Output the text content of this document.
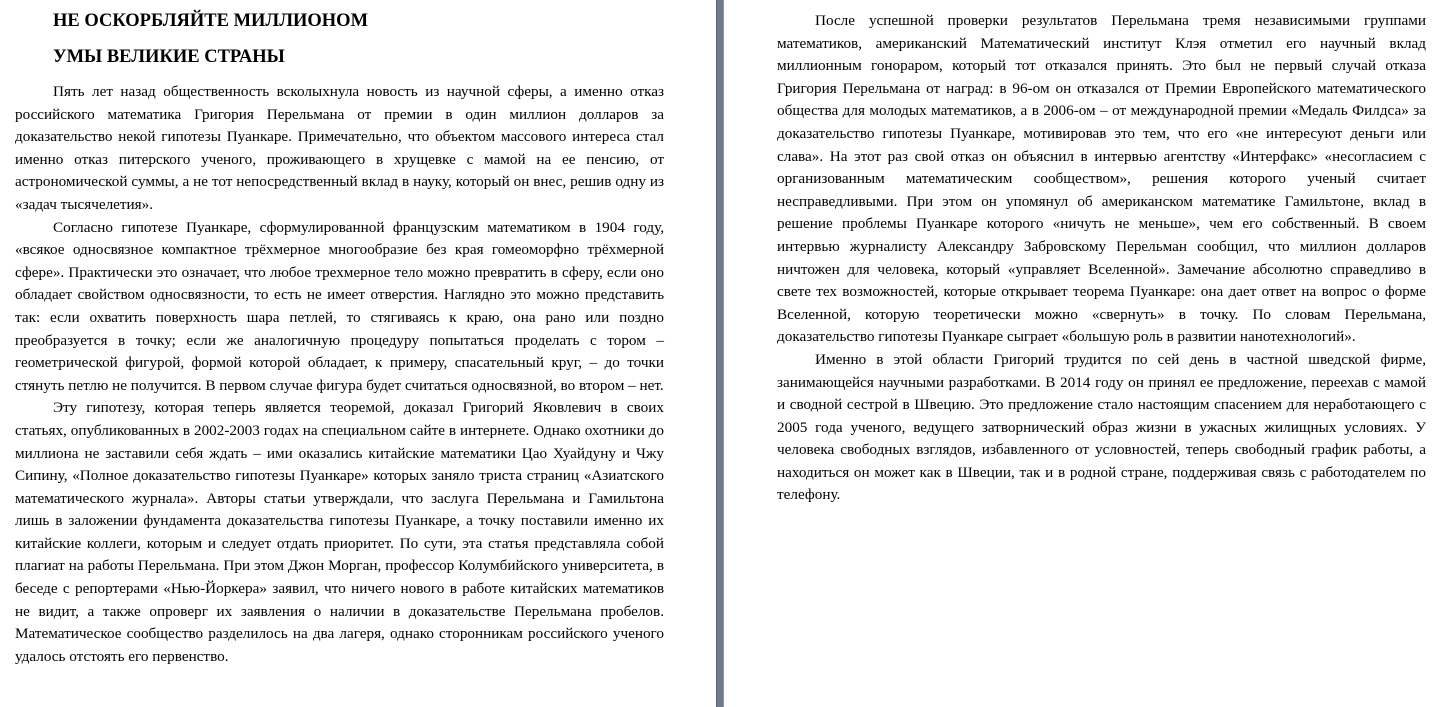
НЕ ОСКОРБЛЯЙТЕ МИЛЛИОНОМ
УМЫ ВЕЛИКИЕ СТРАНЫ

Пять лет назад общественность всколыхнула новость из научной сферы, а именно отказ российского математика Григория Перельмана от премии в один миллион долларов за доказательство некой гипотезы Пуанкаре. Примечательно, что объектом массового интереса стал именно отказ питерского ученого, проживающего в хрущевке с мамой на ее пенсию, от астрономической суммы, а не тот непосредственный вклад в науку, который он внес, решив одну из «задач тысячелетия».

Согласно гипотезе Пуанкаре, сформулированной французским математиком в 1904 году, «всякое односвязное компактное трёхмерное многообразие без края гомеоморфно трёхмерной сфере». Практически это означает, что любое трехмерное тело можно превратить в сферу, если оно обладает свойством односвязности, то есть не имеет отверстия. Наглядно это можно представить так: если охватить поверхность шара петлей, то стягиваясь к краю, она рано или поздно преобразуется в точку; если же аналогичную процедуру попытаться проделать с тором – геометрической фигурой, формой которой обладает, к примеру, спасательный круг, – до точки стянуть петлю не получится. В первом случае фигура будет считаться односвязной, во втором – нет.

Эту гипотезу, которая теперь является теоремой, доказал Григорий Яковлевич в своих статьях, опубликованных в 2002-2003 годах на специальном сайте в интернете. Однако охотники до миллиона не заставили себя ждать – ими оказались китайские математики Цао Хуайдуну и Чжу Сипину, «Полное доказательство гипотезы Пуанкаре» которых заняло триста страниц «Азиатского математического журнала». Авторы статьи утверждали, что заслуга Перельмана и Гамильтона лишь в заложении фундамента доказательства гипотезы Пуанкаре, а точку поставили именно их китайские коллеги, которым и следует отдать приоритет. По сути, эта статья представляла собой плагиат на работы Перельмана. При этом Джон Морган, профессор Колумбийского университета, в беседе с репортерами «Нью-Йоркера» заявил, что ничего нового в работе китайских математиков не видит, а также опроверг их заявления о наличии в доказательстве Перельмана пробелов. Математическое сообщество разделилось на два лагеря, однако сторонникам российского ученого удалось отстоять его первенство.

После успешной проверки результатов Перельмана тремя независимыми группами математиков, американский Математический институт Клэя отметил его научный вклад миллионным гонораром, который тот отказался принять. Это был не первый случай отказа Григория Перельмана от наград: в 96-ом он отказался от Премии Европейского математического общества для молодых математиков, а в 2006-ом – от международной премии «Медаль Филдса» за доказательство гипотезы Пуанкаре, мотивировав это тем, что его «не интересуют деньги или слава». На этот раз свой отказ он объяснил в интервью агентству «Интерфакс» «несогласием с организованным математическим сообществом», решения которого ученый считает несправедливыми. При этом он упомянул об американском математике Гамильтоне, вклад в решение проблемы Пуанкаре которого «ничуть не меньше», чем его собственный. В своем интервью журналисту Александру Забровскому Перельман сообщил, что миллион долларов ничтожен для человека, который «управляет Вселенной». Замечание абсолютно справедливо в свете тех возможностей, которые открывает теорема Пуанкаре: она дает ответ на вопрос о форме Вселенной, которую теоретически можно «свернуть» в точку. По словам Перельмана, доказательство гипотезы Пуанкаре сыграет «большую роль в развитии нанотехнологий».

Именно в этой области Григорий трудится по сей день в частной шведской фирме, занимающейся научными разработками. В 2014 году он принял ее предложение, переехав с мамой и сводной сестрой в Швецию. Это предложение стало настоящим спасением для неработающего с 2005 года ученого, ведущего затворнический образ жизни в ужасных жилищных условиях. У человека свободных взглядов, избавленного от условностей, теперь свободный график работы, а находиться он может как в Швеции, так и в родной стране, поддерживая связь с работодателем по телефону.
